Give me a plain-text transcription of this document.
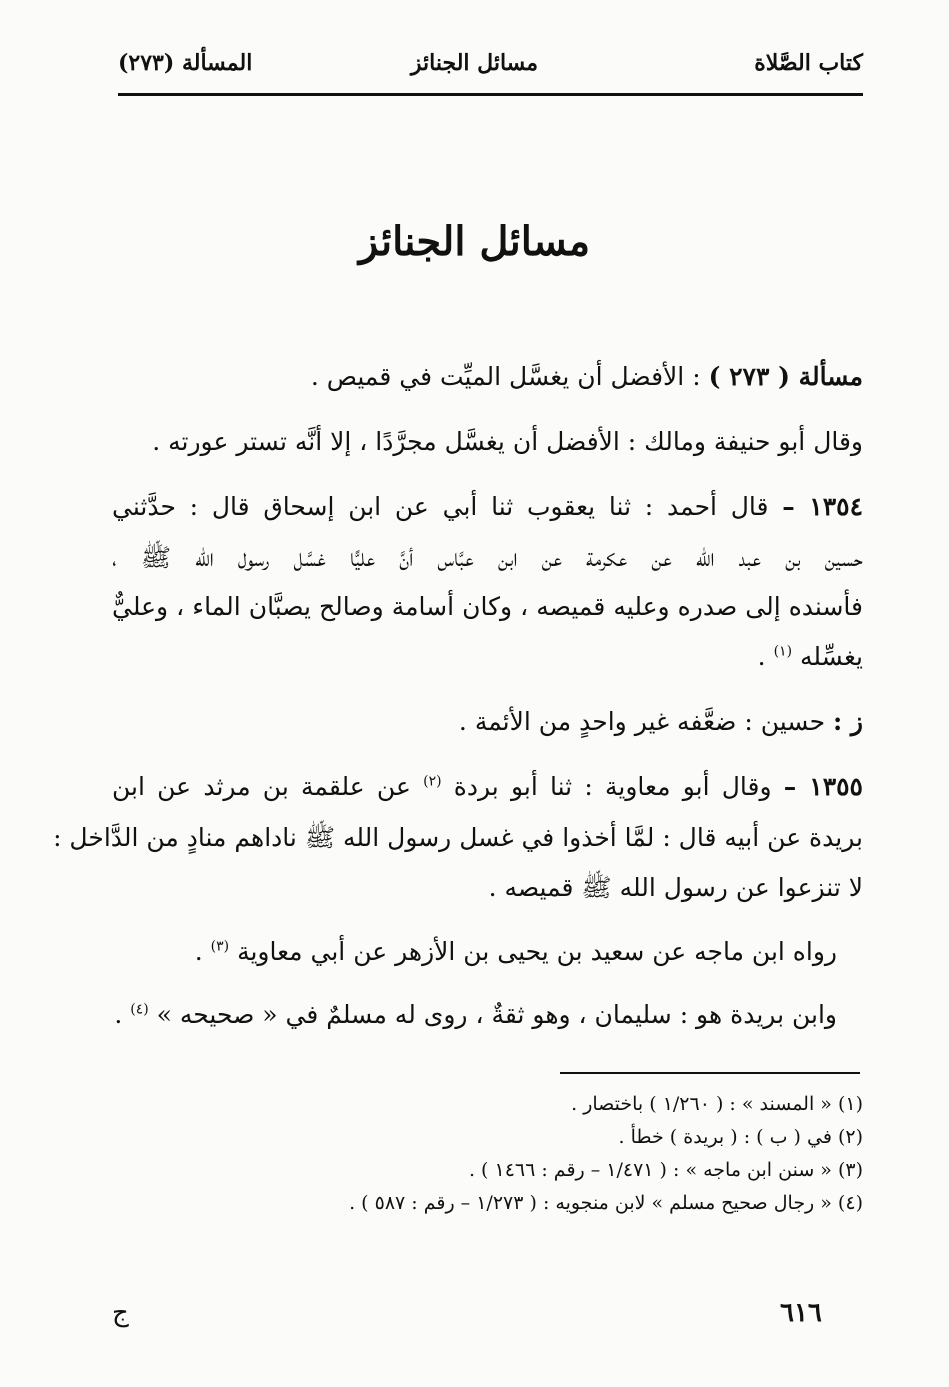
كتاب الصَّلاة
مسائل الجنائز
المسألة (٢٧٣)
مسائل الجنائز
مسألة ( ٢٧٣ ) : الأفضل أن يغسَّل الميِّت في قميص .
وقال أبو حنيفة ومالك : الأفضل أن يغسَّل مجرَّدًا ، إلا أنَّه تستر عورته .
١٣٥٤ – قال أحمد : ثنا يعقوب ثنا أبي عن ابن إسحاق قال : حدَّثني
حسين بن عبد الله عن عكرمة عن ابن عبَّاس أنَّ عليًّا غسَّل رسول الله ﷺ ،
فأسنده إلى صدره وعليه قميصه ، وكان أسامة وصالح يصبَّان الماء ، وعليٌّ
يغسِّله $^{(١)}$ .
ز : حسين : ضعَّفه غير واحدٍ من الأئمة .
١٣٥٥ – وقال أبو معاوية : ثنا أبو بردة $^{(٢)}$ عن علقمة بن مرثد عن ابن
بريدة عن أبيه قال : لمَّا أخذوا في غسل رسول الله ﷺ ناداهم منادٍ من الدَّاخل :
لا تنزعوا عن رسول الله ﷺ قميصه .
رواه ابن ماجه عن سعيد بن يحيى بن الأزهر عن أبي معاوية $^{(٣)}$ .
وابن بريدة هو : سليمان ، وهو ثقةٌ ، روى له مسلمٌ في « صحيحه » $^{(٤)}$ .
(١) « المسند » : ( ١/٢٦٠ ) باختصار .
(٢) في ( ب ) : ( بريدة ) خطأ .
(٣) « سنن ابن ماجه » : ( ١/٤٧١ – رقم : ١٤٦٦ ) .
(٤) « رجال صحيح مسلم » لابن منجويه : ( ١/٢٧٣ – رقم : ٥٨٧ ) .
٦١٦
ج
